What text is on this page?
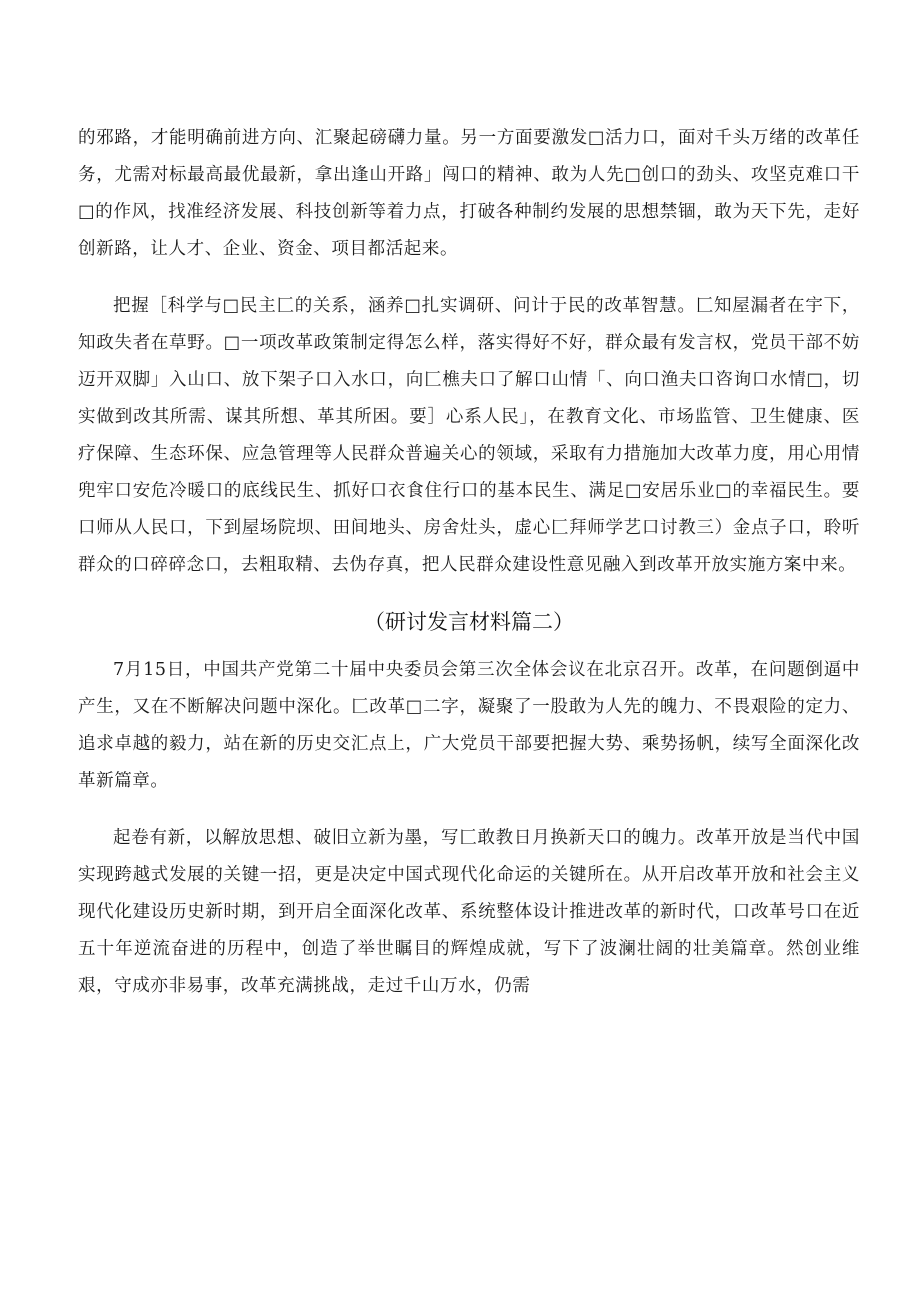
的邪路，才能明确前进方向、汇聚起磅礴力量。另一方面要激发□活力口，面对千头万绪的改革任务，尤需对标最高最优最新，拿出逢山开路」闯口的精神、敢为人先□创口的劲头、攻坚克难口干□的作风，找准经济发展、科技创新等着力点，打破各种制约发展的思想禁锢，敢为天下先，走好创新路，让人才、企业、资金、项目都活起来。

把握［科学与□民主匚的关系，涵养□扎实调研、问计于民的改革智慧。匚知屋漏者在宇下，知政失者在草野。□一项改革政策制定得怎么样，落实得好不好，群众最有发言权，党员干部不妨迈开双脚」入山口、放下架子口入水口，向匚樵夫口了解口山情「、向口渔夫口咨询口水情□，切实做到改其所需、谋其所想、革其所困。要］心系人民」，在教育文化、市场监管、卫生健康、医疗保障、生态环保、应急管理等人民群众普遍关心的领域，采取有力措施加大改革力度，用心用情兜牢口安危冷暖口的底线民生、抓好口衣食住行口的基本民生、满足□安居乐业□的幸福民生。要口师从人民口，下到屋场院坝、田间地头、房舍灶头，虚心匚拜师学艺口讨教三）金点子口，聆听群众的口碎碎念口，去粗取精、去伪存真，把人民群众建设性意见融入到改革开放实施方案中来。

（研讨发言材料篇二）

7月15日，中国共产党第二十届中央委员会第三次全体会议在北京召开。改革，在问题倒逼中产生，又在不断解决问题中深化。匚改革□二字，凝聚了一股敢为人先的魄力、不畏艰险的定力、追求卓越的毅力，站在新的历史交汇点上，广大党员干部要把握大势、乘势扬帆，续写全面深化改革新篇章。

起卷有新，以解放思想、破旧立新为墨，写匚敢教日月换新天口的魄力。改革开放是当代中国实现跨越式发展的关键一招，更是决定中国式现代化命运的关键所在。从开启改革开放和社会主义现代化建设历史新时期，到开启全面深化改革、系统整体设计推进改革的新时代，口改革号口在近五十年逆流奋进的历程中，创造了举世瞩目的辉煌成就，写下了波澜壮阔的壮美篇章。然创业维艰，守成亦非易事，改革充满挑战，走过千山万水，仍需
